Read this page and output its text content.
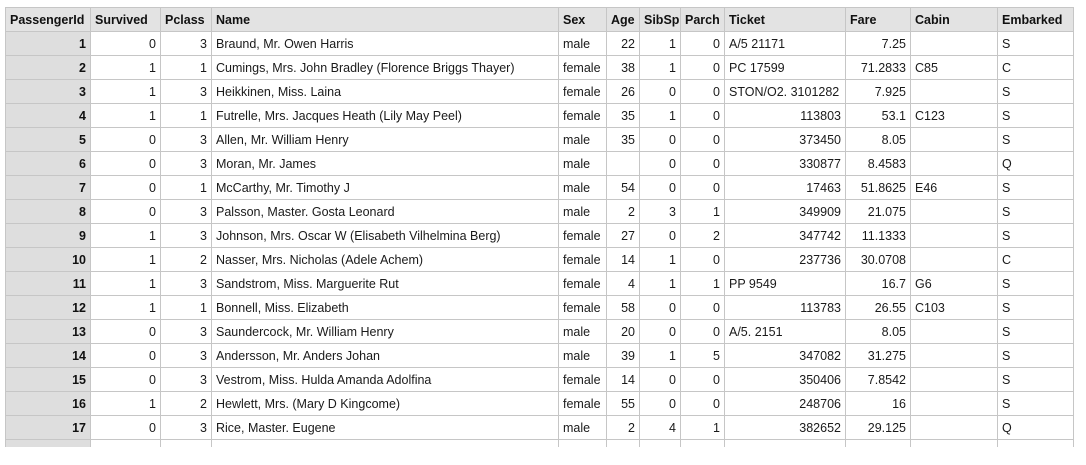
PassengerId	Survived	Pclass	Name	Sex	Age	SibSp	Parch	Ticket	Fare	Cabin	Embarked
1	0	3	Braund, Mr. Owen Harris	male	22	1	0	A/5 21171	7.25		S
2	1	1	Cumings, Mrs. John Bradley (Florence Briggs Thayer)	female	38	1	0	PC 17599	71.2833	C85	C
3	1	3	Heikkinen, Miss. Laina	female	26	0	0	STON/O2. 3101282	7.925		S
4	1	1	Futrelle, Mrs. Jacques Heath (Lily May Peel)	female	35	1	0	113803	53.1	C123	S
5	0	3	Allen, Mr. William Henry	male	35	0	0	373450	8.05		S
6	0	3	Moran, Mr. James	male		0	0	330877	8.4583		Q
7	0	1	McCarthy, Mr. Timothy J	male	54	0	0	17463	51.8625	E46	S
8	0	3	Palsson, Master. Gosta Leonard	male	2	3	1	349909	21.075		S
9	1	3	Johnson, Mrs. Oscar W (Elisabeth Vilhelmina Berg)	female	27	0	2	347742	11.1333		S
10	1	2	Nasser, Mrs. Nicholas (Adele Achem)	female	14	1	0	237736	30.0708		C
11	1	3	Sandstrom, Miss. Marguerite Rut	female	4	1	1	PP 9549	16.7	G6	S
12	1	1	Bonnell, Miss. Elizabeth	female	58	0	0	113783	26.55	C103	S
13	0	3	Saundercock, Mr. William Henry	male	20	0	0	A/5. 2151	8.05		S
14	0	3	Andersson, Mr. Anders Johan	male	39	1	5	347082	31.275		S
15	0	3	Vestrom, Miss. Hulda Amanda Adolfina	female	14	0	0	350406	7.8542		S
16	1	2	Hewlett, Mrs. (Mary D Kingcome)	female	55	0	0	248706	16		S
17	0	3	Rice, Master. Eugene	male	2	4	1	382652	29.125		Q
